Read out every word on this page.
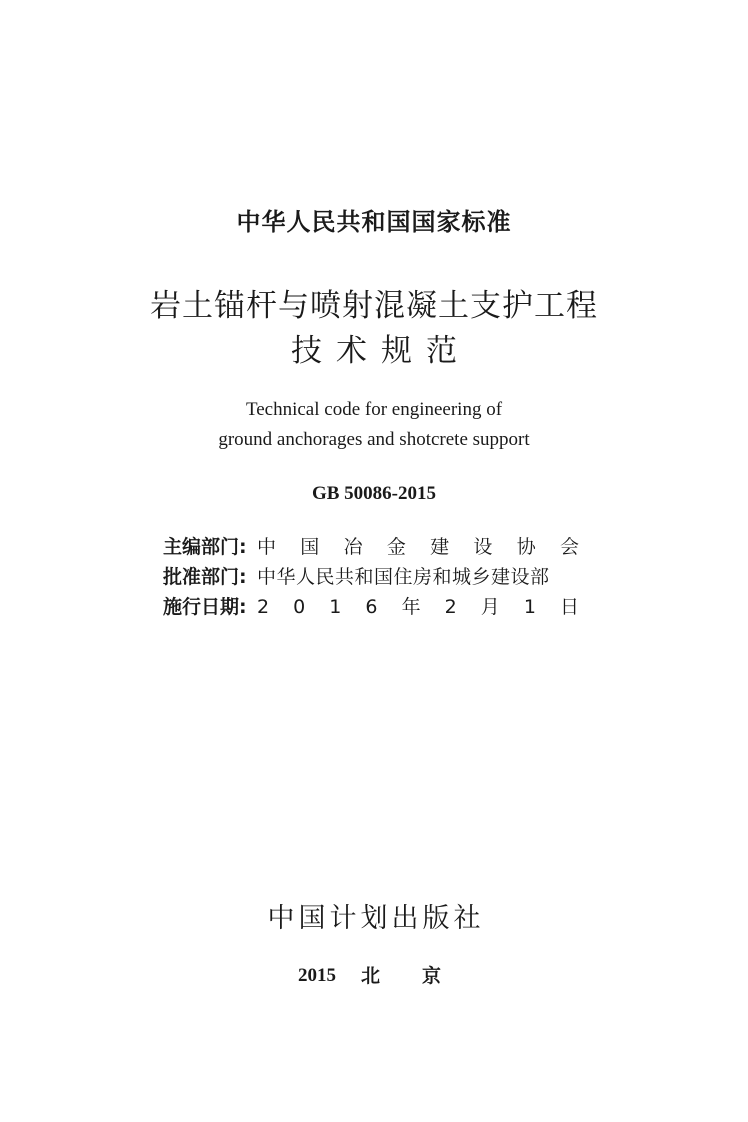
中华人民共和国国家标准
岩土锚杆与喷射混凝土支护工程
技术规范
Technical code for engineering of
ground anchorages and shotcrete support
GB 50086-2015
主编部门: 中 国 冶 金 建 设 协 会
批准部门: 中华人民共和国住房和城乡建设部
施行日期: 2 0 1 6 年 2 月 1 日
中国计划出版社
2015 北 京
